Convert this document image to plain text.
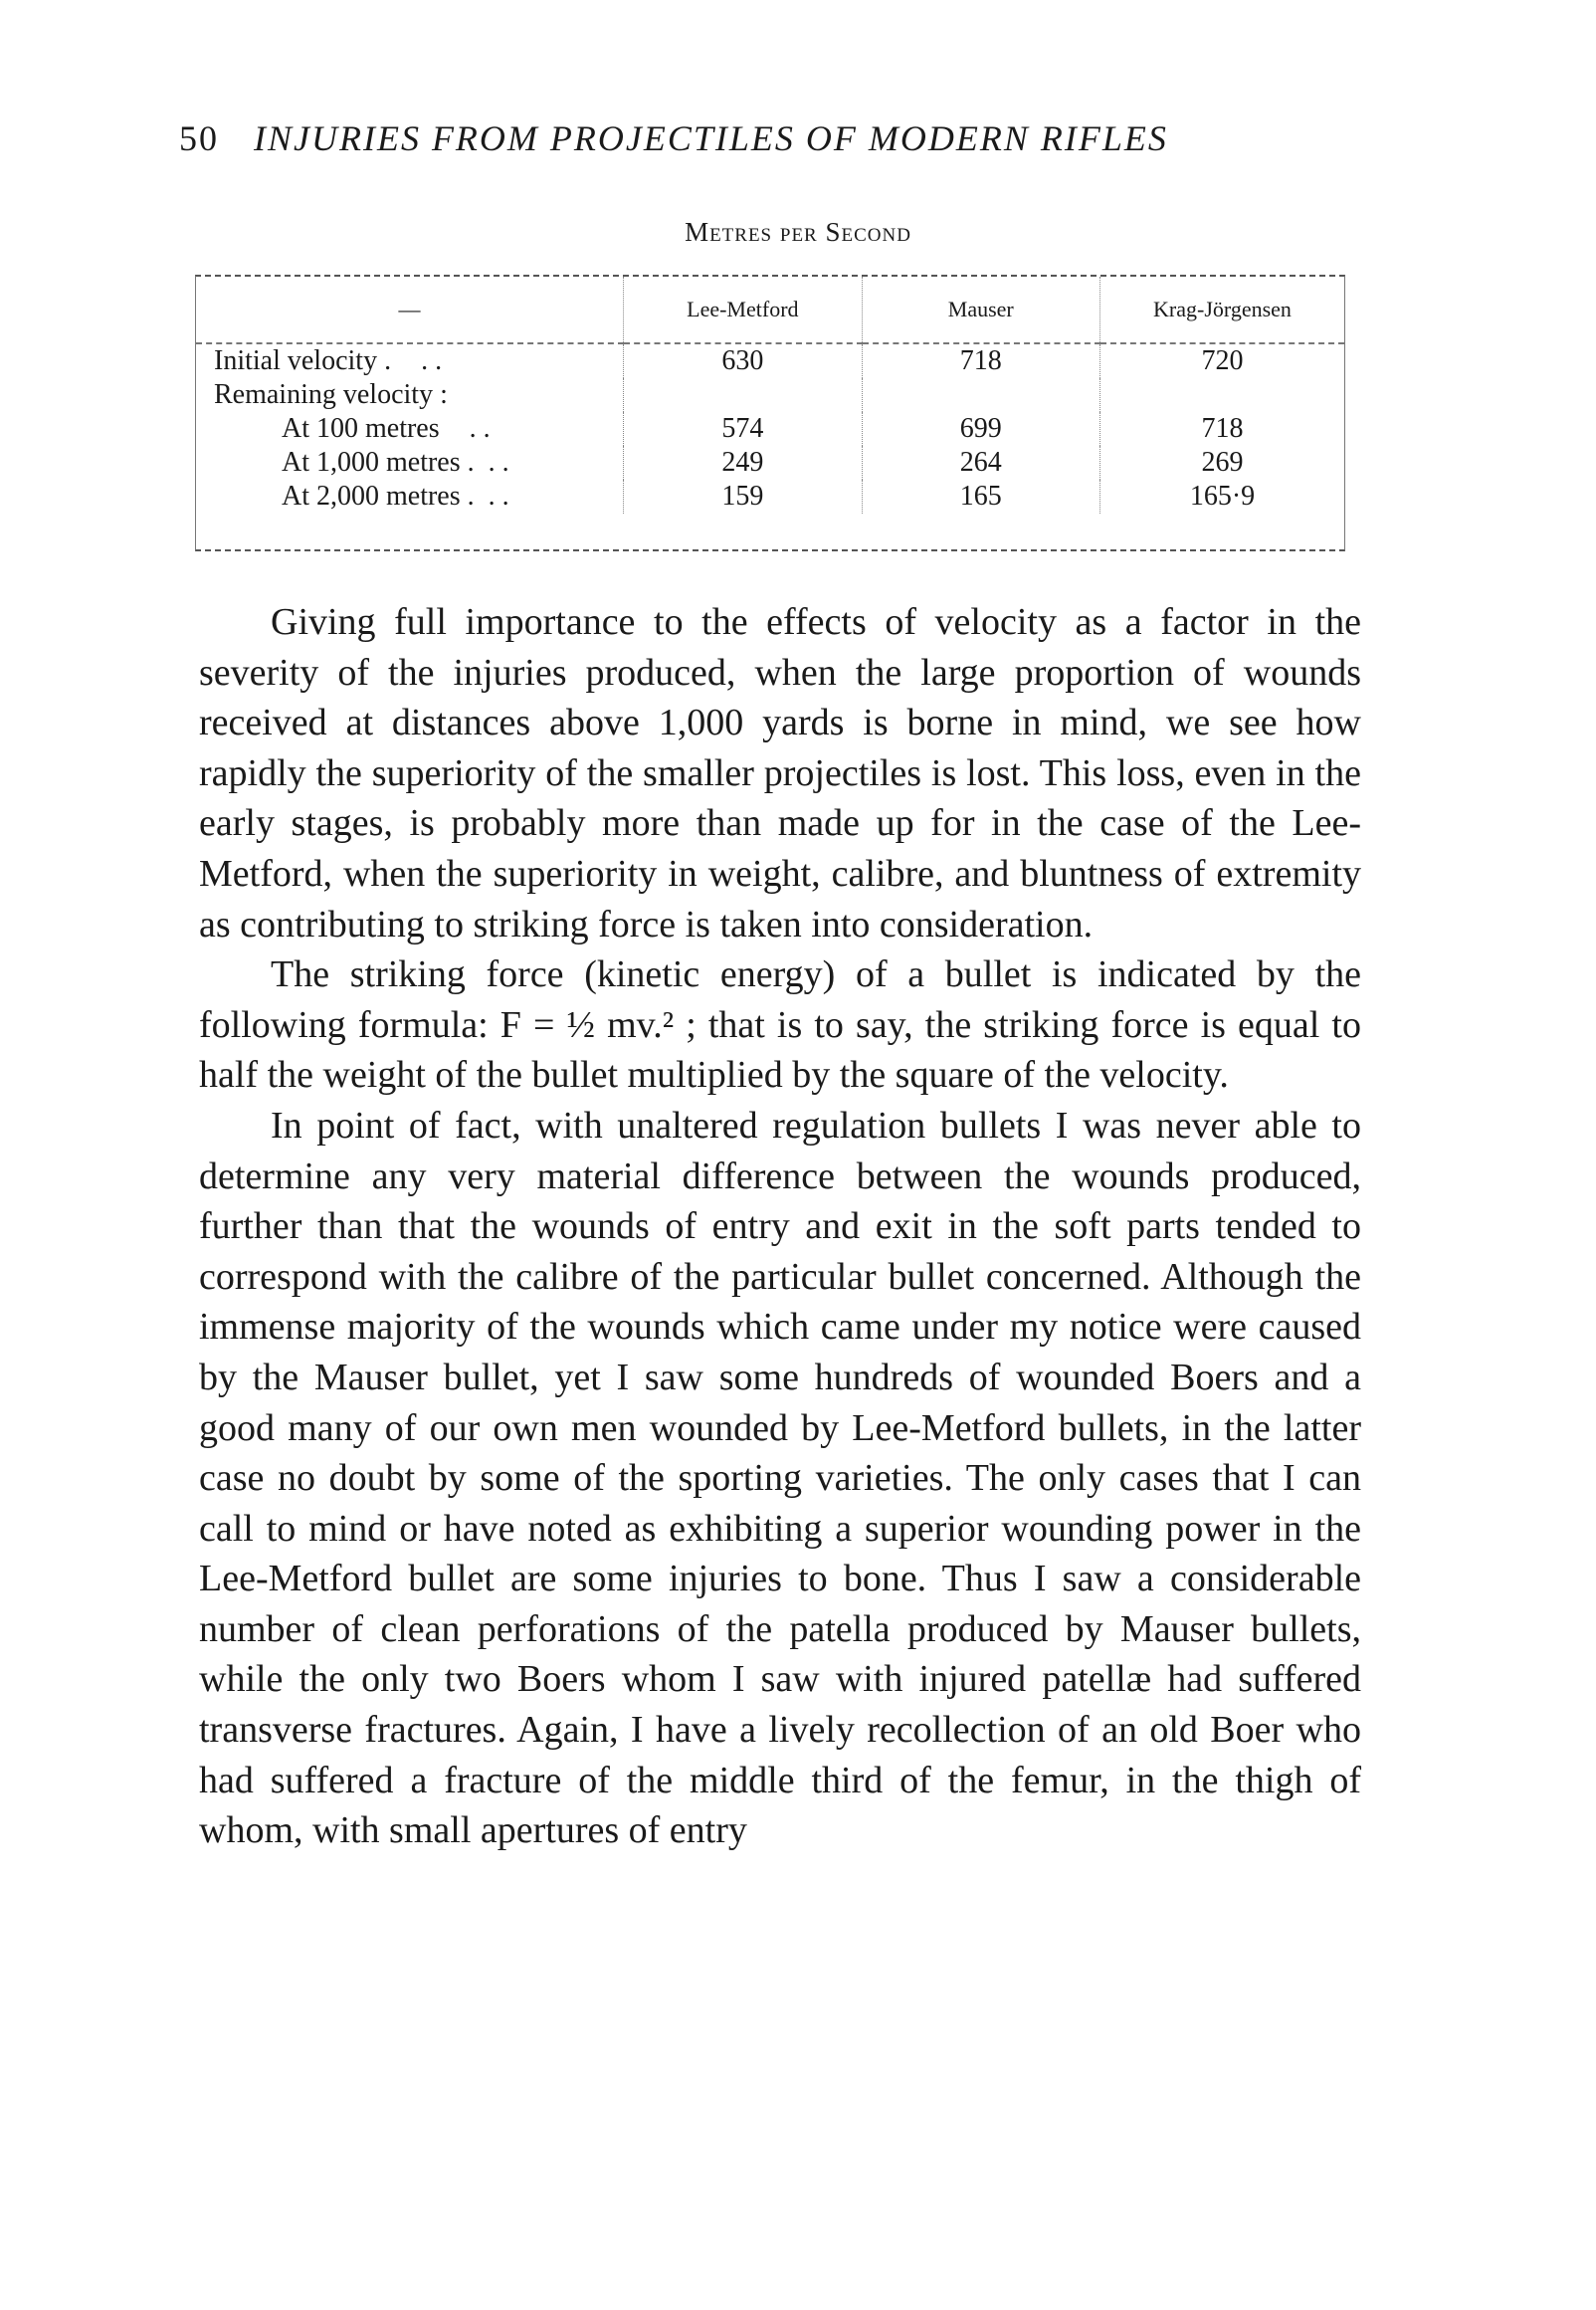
50 INJURIES FROM PROJECTILES OF MODERN RIFLES
Metres per Second
—	Lee-Metford	Mauser	Krag-Jörgensen
Initial velocity . . .	630	718	720
Remaining velocity :			
At 100 metres . .	574	699	718
At 1,000 metres . . .	249	264	269
At 2,000 metres . . .	159	165	165·9

Giving full importance to the effects of velocity as a factor in the severity of the injuries produced, when the large proportion of wounds received at distances above 1,000 yards is borne in mind, we see how rapidly the superiority of the smaller projectiles is lost. This loss, even in the early stages, is probably more than made up for in the case of the Lee-Metford, when the superiority in weight, calibre, and bluntness of extremity as contributing to striking force is taken into consideration.

The striking force (kinetic energy) of a bullet is indicated by the following formula: F = ½ mv.² ; that is to say, the striking force is equal to half the weight of the bullet multiplied by the square of the velocity.

In point of fact, with unaltered regulation bullets I was never able to determine any very material difference between the wounds produced, further than that the wounds of entry and exit in the soft parts tended to correspond with the calibre of the particular bullet concerned. Although the immense majority of the wounds which came under my notice were caused by the Mauser bullet, yet I saw some hundreds of wounded Boers and a good many of our own men wounded by Lee-Metford bullets, in the latter case no doubt by some of the sporting varieties. The only cases that I can call to mind or have noted as exhibiting a superior wounding power in the Lee-Metford bullet are some injuries to bone. Thus I saw a considerable number of clean perforations of the patella produced by Mauser bullets, while the only two Boers whom I saw with injured patellæ had suffered transverse fractures. Again, I have a lively recollection of an old Boer who had suffered a fracture of the middle third of the femur, in the thigh of whom, with small apertures of entry
